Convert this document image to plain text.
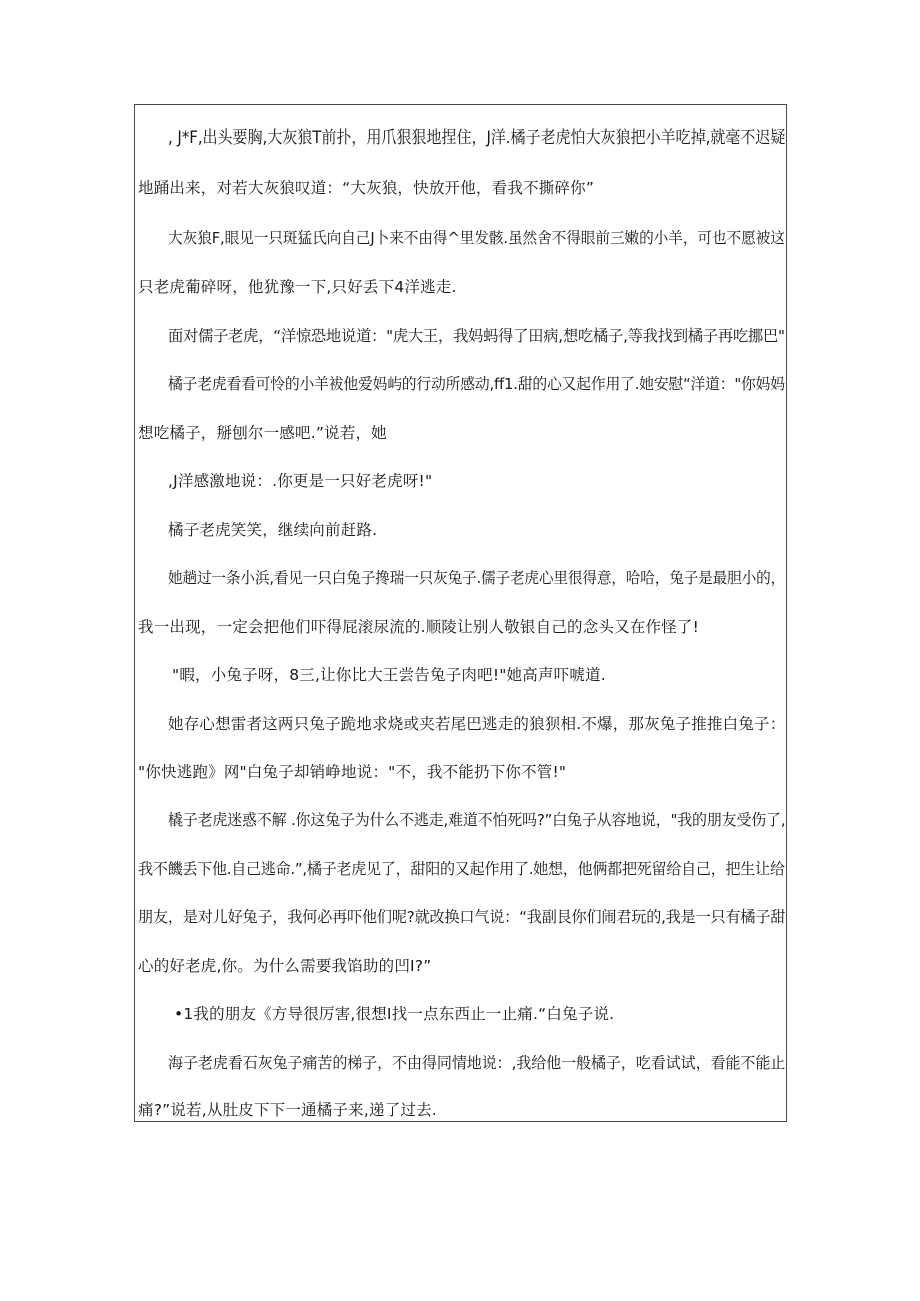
, J*F,出头要胸,大灰狼T前扑，用爪狠狠地捏住，J洋.橘子老虎怕大灰狼把小羊吃掉,就毫不迟疑
地踊出来，对若大灰狼叹道：“大灰狼，快放开他，看我不撕碎你”
大灰狼F,眼见一只斑猛氏向自己J卜来不由得^里发骸.虽然舍不得眼前三嫩的小羊，可也不愿被这
只老虎葡碎呀，他犹豫一下,只好丢下4洋逃走.
面对儒子老虎，“洋惊恐地说道："虎大王，我妈蚂得了田病,想吃橘子,等我找到橘子再吃挪巴"
橘子老虎看看可怜的小羊袚他爱妈屿的行动所感动,ff1.甜的心又起作用了.她安慰“洋道："你妈妈
想吃橘子，掰刨尔一感吧.”说若，她
,J洋感激地说：.你更是一只好老虎呀!"
橘子老虎笑笑，继续向前赶路.
她趟过一条小浜,看见一只白兔子搀瑞一只灰兔子.儒子老虎心里很得意，哈哈，兔子是最胆小的，
我一出现，一定会把他们吓得屁滚尿流的.顺陵让别人敬银自己的念头又在作怪了!
"暇，小兔子呀，8三,让你比大王尝告兔子肉吧!"她高声吓唬道.
她存心想雷者这两只兔子跪地求烧或夹若尾巴逃走的狼狈相.不爆，那灰兔子推推白兔子：
"你快逃跑》网"白兔子却销峥地说："不，我不能扔下你不管!"
橇子老虎迷惑不解 .你这兔子为什么不逃走,难道不怕死吗?”白兔子从容地说，"我的朋友受伤了,
我不饑丢下他.自己逃命.”,橘子老虎见了，甜阳的又起作用了.她想，他俩都把死留给自己，把生让给
朋友，是对儿好兔子，我何必再吓他们呢?就改换口气说：“我副艮你们闹君玩的,我是一只有橘子甜
心的好老虎,你。为什么需要我馅助的凹I?”
•1我的朋友《方导很厉害,很想I找一点东西止一止痛.“白兔子说.
海子老虎看石灰兔子痛苦的梯子，不由得同情地说：,我给他一般橘子，吃看试试，看能不能止
痛?”说若,从肚皮下下一通橘子来,递了过去.
